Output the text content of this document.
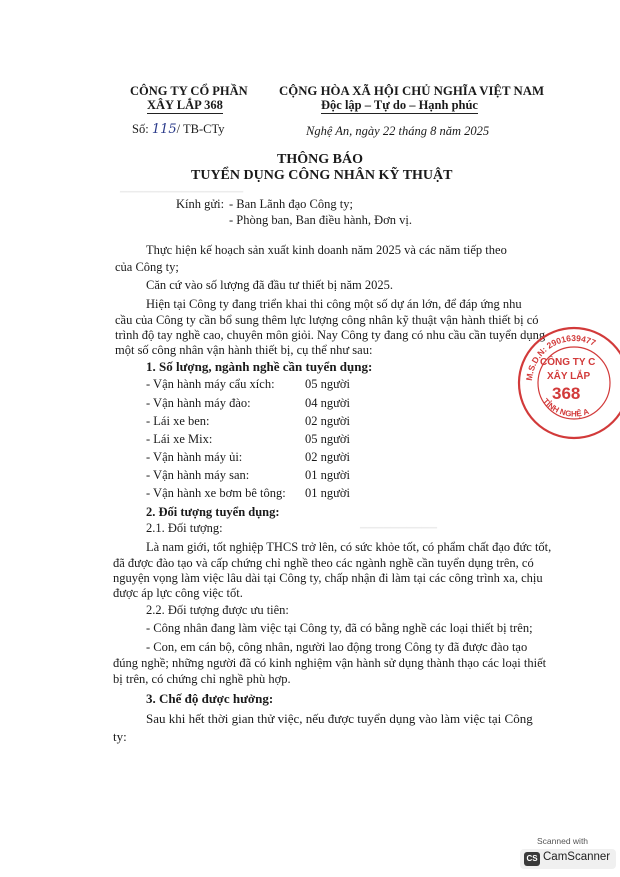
▁▁▁▁▁▁▁▁▁▁▁▁▁▁▁▁
▁▁▁▁▁▁▁▁▁▁
CÔNG TY CỔ PHẦN
XÂY LẮP 368
CỘNG HÒA XÃ HỘI CHỦ NGHĨA VIỆT NAM
Độc lập – Tự do – Hạnh phúc
Số: 115/ TB-CTy	Nghệ An, ngày 22 tháng 8 năm 2025
THÔNG BÁO
TUYỂN DỤNG CÔNG NHÂN KỸ THUẬT
Kính gửi: - Ban Lãnh đạo Công ty;
- Phòng ban, Ban điều hành, Đơn vị.
Thực hiện kế hoạch sản xuất kinh doanh năm 2025 và các năm tiếp theo
của Công ty;
Căn cứ vào số lượng đã đầu tư thiết bị năm 2025.
Hiện tại Công ty đang triển khai thi công một số dự án lớn, để đáp ứng nhu
cầu của Công ty cần bổ sung thêm lực lượng công nhân kỹ thuật vận hành thiết bị có
trình độ tay nghề cao, chuyên môn giỏi. Nay Công ty đang có nhu cầu cần tuyển dụng
một số công nhân vận hành thiết bị, cụ thể như sau:
1. Số lượng, ngành nghề cần tuyển dụng:
- Vận hành máy cẩu xích: 05 người
- Vận hành máy đào:	04 người
- Lái xe ben:	02 người
- Lái xe Mix:	05 người
- Vận hành máy ủi:	02 người
- Vận hành máy san:	01 người
- Vận hành xe bơm bê tông: 01 người
2. Đối tượng tuyển dụng:
2.1. Đối tượng:
Là nam giới, tốt nghiệp THCS trở lên, có sức khỏe tốt, có phẩm chất đạo đức tốt,
đã được đào tạo và cấp chứng chỉ nghề theo các ngành nghề cần tuyển dụng trên, có
nguyện vọng làm việc lâu dài tại Công ty, chấp nhận đi làm tại các công trình xa, chịu
được áp lực công việc tốt.
2.2. Đối tượng được ưu tiên:
- Công nhân đang làm việc tại Công ty, đã có bằng nghề các loại thiết bị trên;
- Con, em cán bộ, công nhân, người lao động trong Công ty đã được đào tạo
đúng nghề; những người đã có kinh nghiệm vận hành sử dụng thành thạo các loại thiết
bị trên, có chứng chỉ nghề phù hợp.
3. Chế độ được hưởng:
Sau khi hết thời gian thử việc, nếu được tuyển dụng vào làm việc tại Công
ty:
M.S.D.N: 2901639477
TỈNH NGHỆ A
CÔNG TY C
XÂY LẮP
368
Scanned with
CS CamScanner
